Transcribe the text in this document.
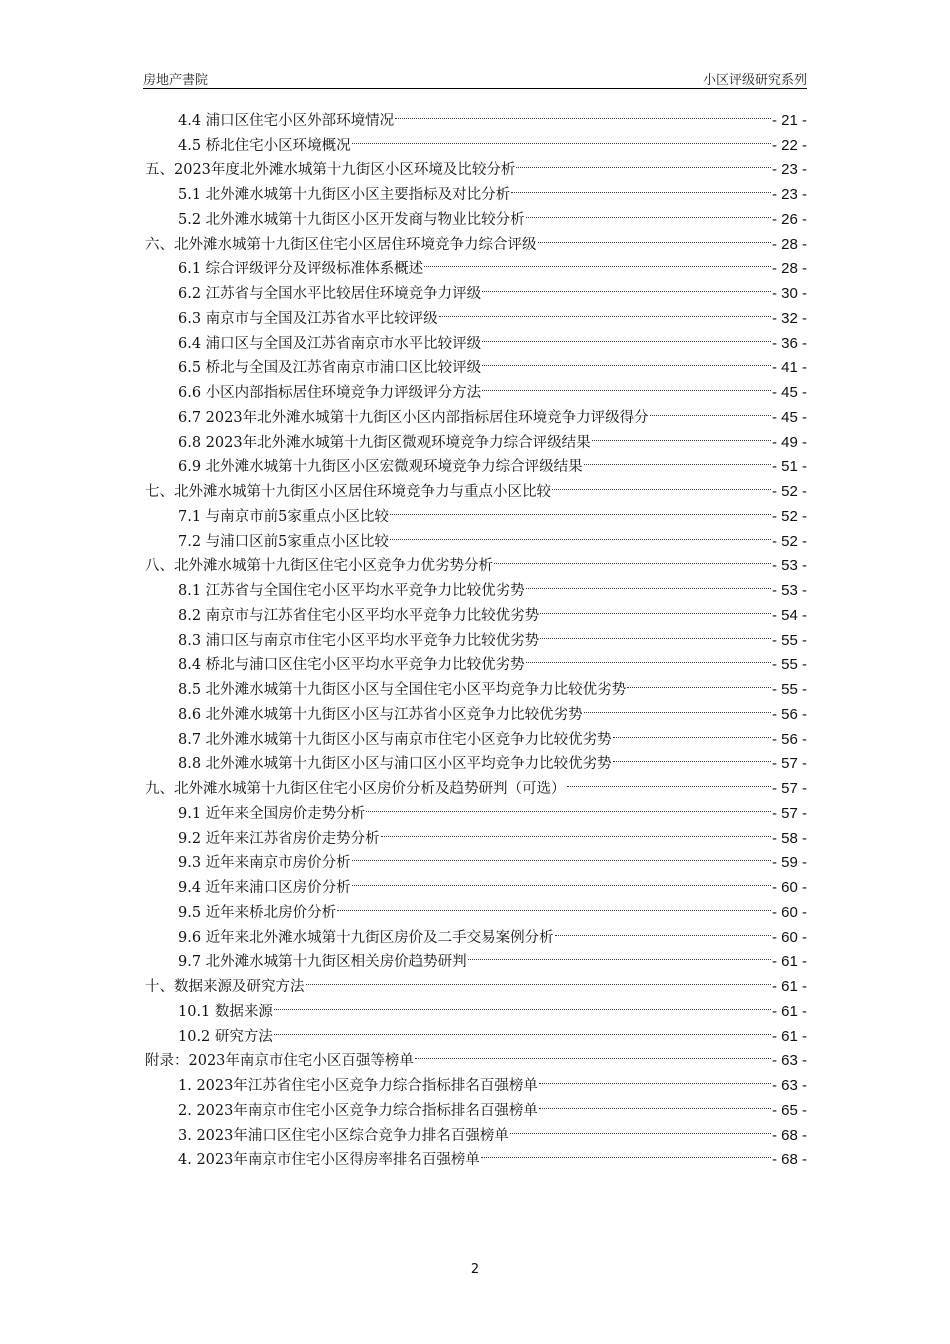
房地产書院	小区评级研究系列
4.4 浦口区住宅小区外部环境情况	- 21 -
4.5 桥北住宅小区环境概况	- 22 -
五、2023年度北外滩水城第十九街区小区环境及比较分析	- 23 -
5.1 北外滩水城第十九街区小区主要指标及对比分析	- 23 -
5.2 北外滩水城第十九街区小区开发商与物业比较分析	- 26 -
六、北外滩水城第十九街区住宅小区居住环境竞争力综合评级	- 28 -
6.1 综合评级评分及评级标准体系概述	- 28 -
6.2 江苏省与全国水平比较居住环境竞争力评级	- 30 -
6.3 南京市与全国及江苏省水平比较评级	- 32 -
6.4 浦口区与全国及江苏省南京市水平比较评级	- 36 -
6.5 桥北与全国及江苏省南京市浦口区比较评级	- 41 -
6.6 小区内部指标居住环境竞争力评级评分方法	- 45 -
6.7 2023年北外滩水城第十九街区小区内部指标居住环境竞争力评级得分	- 45 -
6.8 2023年北外滩水城第十九街区微观环境竞争力综合评级结果	- 49 -
6.9 北外滩水城第十九街区小区宏微观环境竞争力综合评级结果	- 51 -
七、北外滩水城第十九街区小区居住环境竞争力与重点小区比较	- 52 -
7.1 与南京市前5家重点小区比较	- 52 -
7.2 与浦口区前5家重点小区比较	- 52 -
八、北外滩水城第十九街区住宅小区竞争力优劣势分析	- 53 -
8.1 江苏省与全国住宅小区平均水平竞争力比较优劣势	- 53 -
8.2 南京市与江苏省住宅小区平均水平竞争力比较优劣势	- 54 -
8.3 浦口区与南京市住宅小区平均水平竞争力比较优劣势	- 55 -
8.4 桥北与浦口区住宅小区平均水平竞争力比较优劣势	- 55 -
8.5 北外滩水城第十九街区小区与全国住宅小区平均竞争力比较优劣势	- 55 -
8.6 北外滩水城第十九街区小区与江苏省小区竞争力比较优劣势	- 56 -
8.7 北外滩水城第十九街区小区与南京市住宅小区竞争力比较优劣势	- 56 -
8.8 北外滩水城第十九街区小区与浦口区小区平均竞争力比较优劣势	- 57 -
九、北外滩水城第十九街区住宅小区房价分析及趋势研判（可选）	- 57 -
9.1 近年来全国房价走势分析	- 57 -
9.2 近年来江苏省房价走势分析	- 58 -
9.3 近年来南京市房价分析	- 59 -
9.4 近年来浦口区房价分析	- 60 -
9.5 近年来桥北房价分析	- 60 -
9.6 近年来北外滩水城第十九街区房价及二手交易案例分析	- 60 -
9.7 北外滩水城第十九街区相关房价趋势研判	- 61 -
十、数据来源及研究方法	- 61 -
10.1 数据来源	- 61 -
10.2 研究方法	- 61 -
附录：2023年南京市住宅小区百强等榜单	- 63 -
1. 2023年江苏省住宅小区竞争力综合指标排名百强榜单	- 63 -
2. 2023年南京市住宅小区竞争力综合指标排名百强榜单	- 65 -
3. 2023年浦口区住宅小区综合竞争力排名百强榜单	- 68 -
4. 2023年南京市住宅小区得房率排名百强榜单	- 68 -
2
